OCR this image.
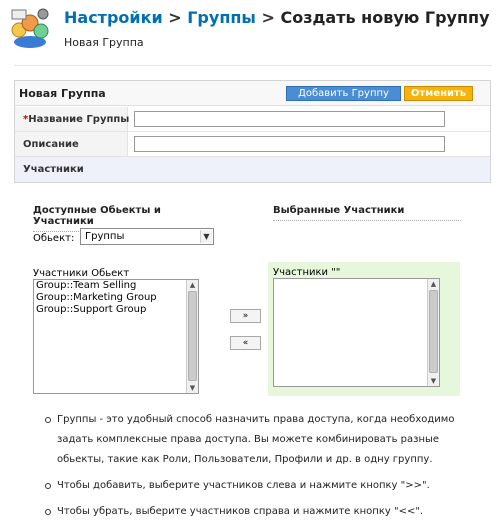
Настройки > Группы > Создать новую Группу
Новая Группа
Новая Группа	Добавить Группу	Отменить
*Название Группы
Описание
Участники
Доступные Обьекты и Участники
Выбранные Участники
Обьект:	Группы	▼
Участники Обьект
Group::Team Selling
Group::Marketing Group
Group::Support Group
▲
▼
»
«
Участники ""
▲
▼
Группы - это удобный способ назначить права доступа, когда необходимо задать комплексные права доступа. Вы можете комбинировать разные обьекты, такие как Роли, Пользователи, Профили и др. в одну группу.
Чтобы добавить, выберите участников слева и нажмите кнопку ">>".
Чтобы убрать, выберите участников справа и нажмите кнопку "<<".
